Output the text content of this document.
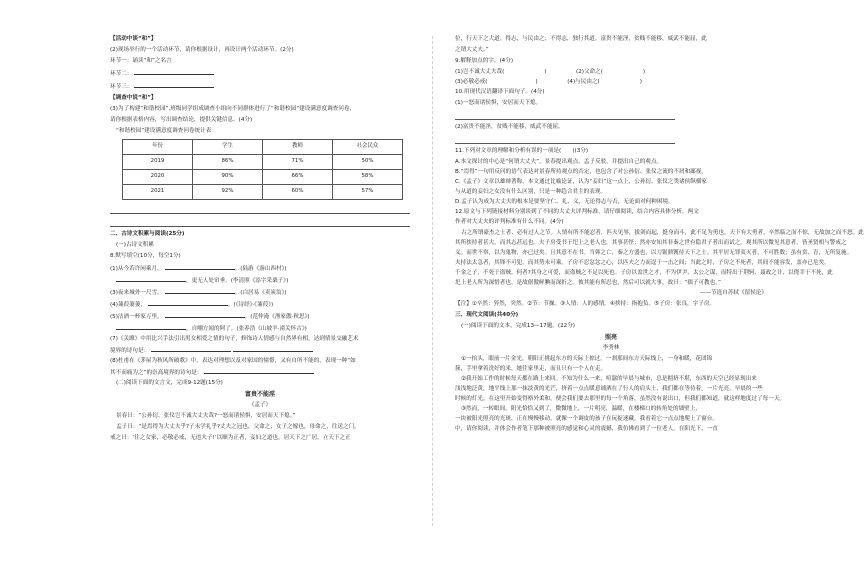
【活动中谈“和”】
(2)现场举行的一个活动环节，请你根据设计，再设计两个活动环节。(2分)
环节一：诵读“和”之名言
环节二：
环节三：
【调查中说“和”】
(3)为了构建“和谐校园”,班级同学组成调查小组向不同群体进行了“和谐校园”建设满意度调查问卷,
请你根据表格内容，写出调查结论，提供关键信息。(4分)
“和谐校园”建设满意度调查问卷统计表
年份	学生	教师	社会民众
2019	86%	71%	50%
2020	90%	66%	58%
2021	92%	60%	57%
二、古诗文积累与阅读(25分)
(一)古诗文积累
8.默写填空(10分，每空1分)
(1)从今若许闲乘月，	。(陆游《游山西村》)
，更无人处帘垂。(李清照《添字采桑子》)
(3)夜来城外一尺雪，	。(白居易《卖炭翁》)
(4)蒹葭萋萋，	。(《诗经》·《蒹葭》)
(5)沽酒一杯家万里，	。(范仲淹《渔家傲·秋思》)
，自嘲方闻的阿了。(张养浩《山坡羊·潼关怀古》)
(7)《关雎》中用比兴手法引出男女相爱之情的句子，修饰诗人情感与自然界有相，达到情景交融艺术
境界的诗句是：
(8)杜甫在《茅屋为秋风所破歌》中，表达对理想以及对家国的憧憬，又有自所不能的，表现一种“如
其不而痛为之”的崇高境界的诗句是：
(二)阅读下面的文言文，完成9-12题(15分)
富贵不能淫
《孟子》
景春曰：“公孙衍、张仪岂不诚大丈夫哉?一怒而诸侯惧，安居而天下熄。”
孟子曰：“是焉得为大丈夫乎?子未学礼乎?丈夫之冠也，父命之；女子之嫁也，母命之，往送之门，
戒之曰：‘往之女家，必敬必戒，无违夫子!’以顺为正者，妾妇之道也。居天下之广居，立天下之正
位，行天下之大道。得志，与民由之；不得志，独行其道。富贵不能淫，贫贱不能移，威武不能屈，此
之谓大丈夫。”
9.解释加点的字。(4分)
(1)岂不诚大丈夫哉(	)	(2)父命之(	)
(3)必敬必戒(	)	(4)与民由之(	)
10.用现代汉语翻译下面句子。(4分)
(1)一怒而诸侯惧，安居而天下熄。
(2)富贵不能淫，贫贱不能移，威武不能屈。
11.下列对文章的理解和分析有误的一项是(　　)(3分)
A.本文探讨的中心是“何谓大丈夫”，景春提出观点，孟子反驳，并提出自己的观点。
B.“焉得”一句用反问的语气表达对景春所持观点的否定，也包含了对公孙衍、张仪之流的不屑和鄙视。
C.《孟子》文章以雄辩著称，本文通过比喻论证，认为“妾妇”这一点上，公孙衍、张仪之类诸侯纵横家
与从道的妾妇之女没有什么区别，只是一种趋合君主的表现。
D.孟子认为成为大丈夫的根本是要坚守仁、礼、义，无论得志与否，无论面对何种困境。
12.原文与下列链接材料分别谈到了不同的大丈夫评判标准，请仔细阅读，结合内容具体分析，两文
作者对大丈夫的评判标准有什么不同。(4分)
古之所谓豪杰之士者，必有过人之节。人情有所不能忍者，匹夫见辱，拔剑而起，挺身而斗，此不足为勇也。天下有大勇者，卒然临之而不惊，无故加之而不怒。此
其所挟持者甚大，而其志甚远也。夫子房受书于圯上之老人也，其事甚怪；然亦安知其非秦之世有隐君子者出而试之。观其所以微见其意者，皆圣贤相与警戒之
义。而世不察，以为鬼物，亦已过矣。且其意不在书。当韩之亡，秦之方盛也，以刀锯鼎镬待天下之士。其平居无罪夷灭者，不可胜数；虽有贲、育，无所复施。
夫持法太急者，其锋不可犯，而其势未可乘。子房不忍忿忿之心，以匹夫之力而逞于一击之间；当此之时，子房之不死者，其间不能容发，盖亦已危矣。
千金之子，不死于盗贼。何者?其身之可爱，而盗贼之不足以死也。子房以盖世之才，不为伊尹、太公之谋，而特出于荆轲、聂政之计，以侥幸于不死，此
圯上老人所为深惜者也。是故倨傲鲜腆而深折之。彼其能有所忍也，然后可以就大事，故曰：“孺子可教也。”
——节选自苏轼《留侯论》
【注】①卒然：猝然，突然。②节：节操。③人情：人的感情。④挟持：指抱负。⑤子房：张良，字子房。
三、现代文阅读(共40分)
(一)阅读下面的文本，完成13—17题。(22分)
照亮
李秀林
①一抬头，眼前一片金光，朝阳正挑起东方的天际上掠过，一刹那间东方天际线上，一身和暖，花团锦
簇，手里拿着洗好的米，她往家里走，而且只有一个人在走。
②我开始工作的时候每天都在路上来回。不知为什么一来，喧嚣的早晨与城市，总是拥挤不堪，东西的天空已经显现出来
浅浅地泛黄，地平线上那一抹淡黄的光芒，挤着一点点暖意铺洒在了行人的肩头上，我们都在等待着，一片光亮。早晨的一些
时候的灯光，在这里开始变得格外柔和，便会我们要去那里的每一个角落，虽然没有说出口，但我们都知道，就这样地度过了每一天。
③然而，一转眼间，阳光恰恰又到了，微微地上，一片明亮，温暖，在楼梯口的转角处的墙壁上，
一块被阳光照亮的光斑，正在慢慢移动，就像一个调皮的孩子在玩捉迷藏。我看着它一点点地爬上了窗台。
中，请你阅读，并体会作者笔下那种被照亮的感觉和心灵的震撼，我仿佛看到了一位老人，在阳光下，一直
